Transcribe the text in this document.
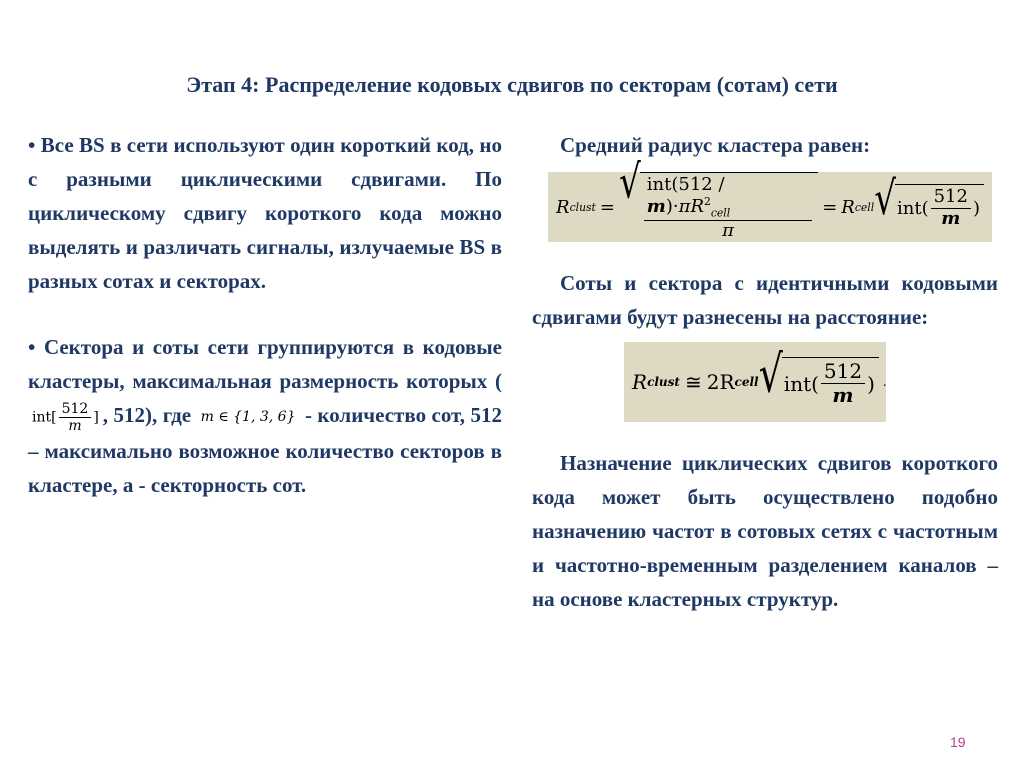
Этап 4: Распределение кодовых сдвигов по секторам (сотам) сети

• Все BS в сети используют один короткий код, но с разными циклическими сдвигами. По циклическому сдвигу короткого кода можно выделять и различать сигналы, излучаемые BS в разных сотах и секторах.

• Сектора и соты сети группируются в кодовые кластеры, максимальная размерность которых ($int[ \frac{512}{m}$ ] , 512), где m ∈ {1, 3, 6} - количество сот, 512 – максимально возможное количество секторов в кластере, а - секторность сот.

Средний радиус кластера равен:

R clust = √ $\frac{int(512 / m)\cdot\pi R^2_{cell}}{\pi} = R$ cell √ $int( \frac{512}{m}$ )

Соты и сектора с идентичными кодовыми сдвигами будут разнесены на расстояние:

R clust ≅ 2R cell √ $int( \frac{512}{m}$ ) .

Назначение циклических сдвигов короткого кода может быть осуществлено подобно назначению частот в сотовых сетях с частотным и частотно-временным разделением каналов – на основе кластерных структур.

19
